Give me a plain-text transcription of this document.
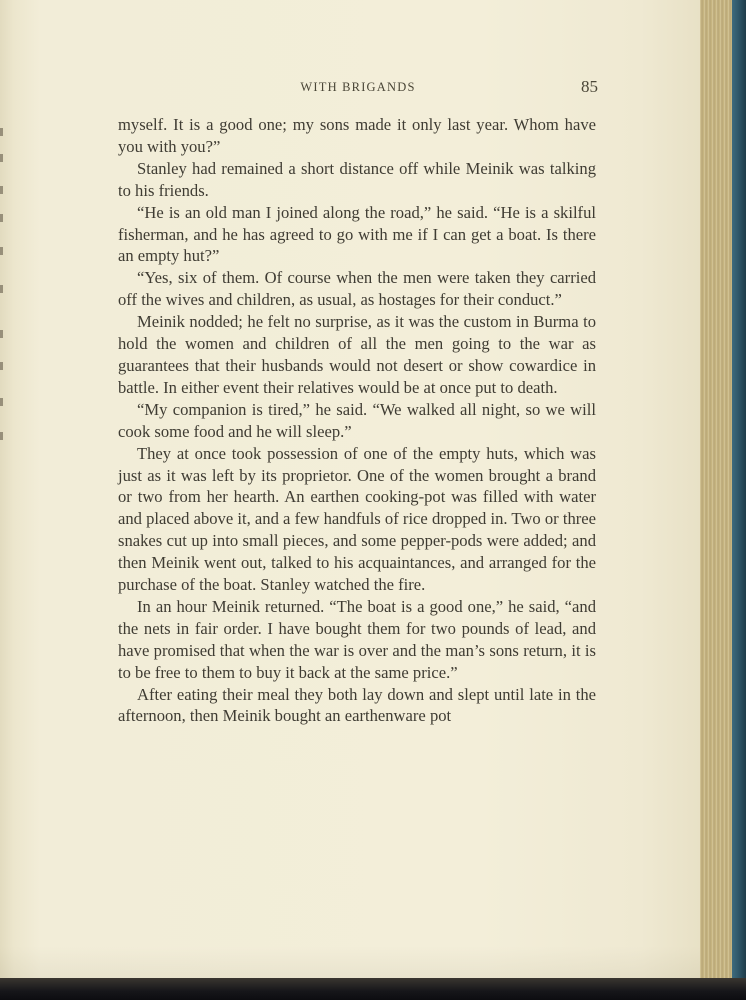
WITH BRIGANDS	85

myself. It is a good one; my sons made it only last year. Whom have you with you?”

Stanley had remained a short distance off while Meinik was talking to his friends.

“He is an old man I joined along the road,” he said. “He is a skilful fisherman, and he has agreed to go with me if I can get a boat. Is there an empty hut?”

“Yes, six of them. Of course when the men were taken they carried off the wives and children, as usual, as hostages for their conduct.”

Meinik nodded; he felt no surprise, as it was the custom in Burma to hold the women and children of all the men going to the war as guarantees that their husbands would not desert or show cowardice in battle. In either event their relatives would be at once put to death.

“My companion is tired,” he said. “We walked all night, so we will cook some food and he will sleep.”

They at once took possession of one of the empty huts, which was just as it was left by its proprietor. One of the women brought a brand or two from her hearth. An earthen cooking-pot was filled with water and placed above it, and a few handfuls of rice dropped in. Two or three snakes cut up into small pieces, and some pepper-pods were added; and then Meinik went out, talked to his acquaintances, and arranged for the purchase of the boat. Stanley watched the fire.

In an hour Meinik returned. “The boat is a good one,” he said, “and the nets in fair order. I have bought them for two pounds of lead, and have promised that when the war is over and the man’s sons return, it is to be free to them to buy it back at the same price.”

After eating their meal they both lay down and slept until late in the afternoon, then Meinik bought an earthenware pot
